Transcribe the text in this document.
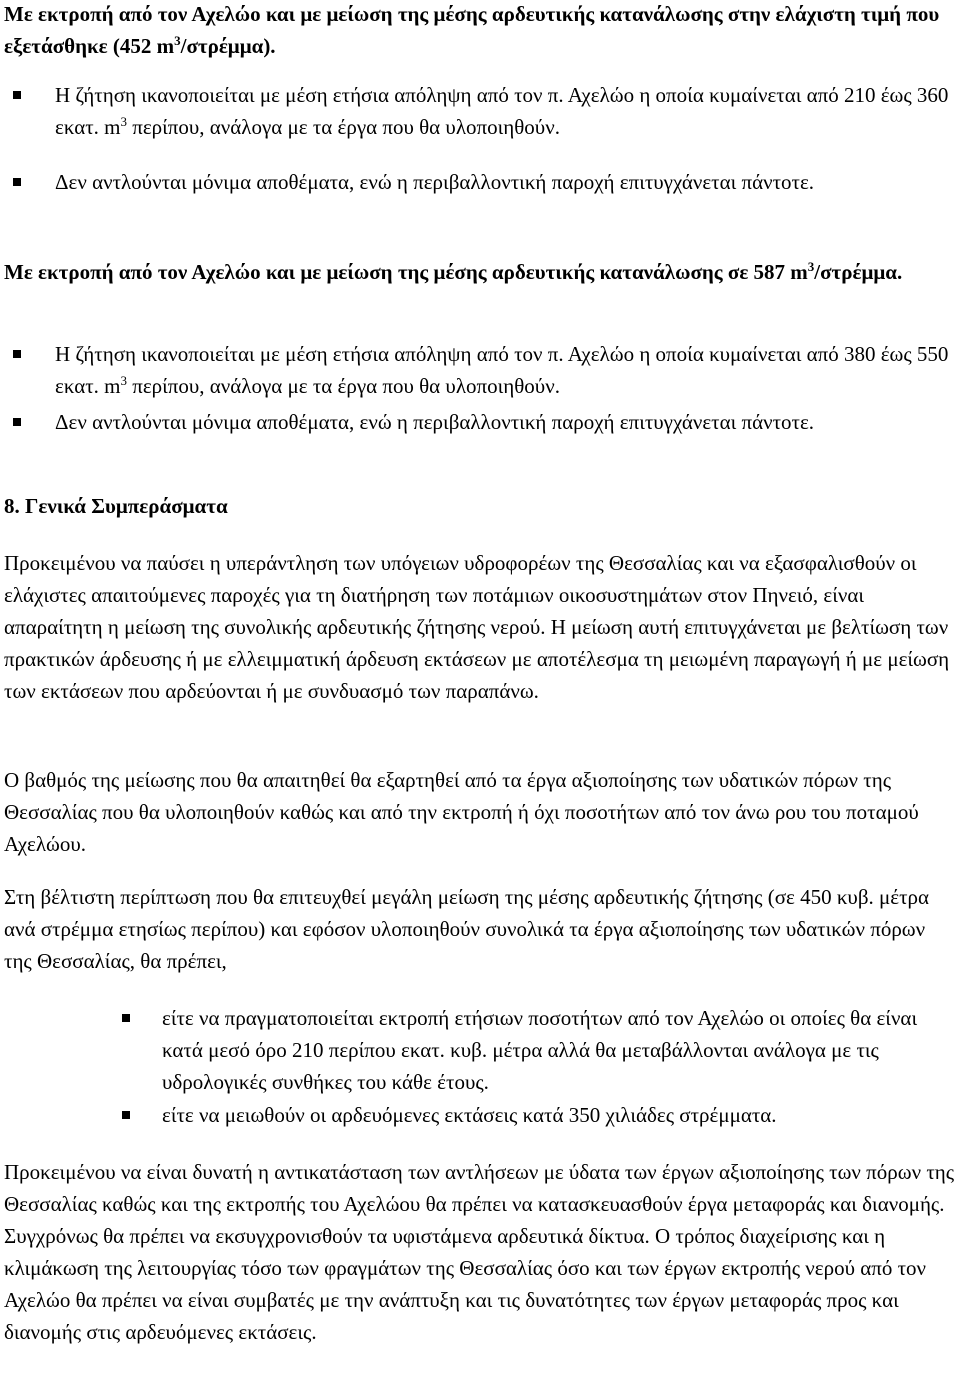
Με εκτροπή από τον Αχελώο και με μείωση της μέσης αρδευτικής κατανάλωσης στην ελάχιστη τιμή που εξετάσθηκε (452 $m^3/\sigma\tau\rho έ\mu\mu\alpha$).
Η ζήτηση ικανοποιείται με μέση ετήσια απόληψη από τον π. Αχελώο η οποία κυμαίνεται από 210 έως 360 εκατ. $m^3$ περίπου, ανάλογα με τα έργα που θα υλοποιηθούν.
Δεν αντλούνται μόνιμα αποθέματα, ενώ η περιβαλλοντική παροχή επιτυγχάνεται πάντοτε.
Με εκτροπή από τον Αχελώο και με μείωση της μέσης αρδευτικής κατανάλωσης σε 587 $m^3$/στρέμμα.
Η ζήτηση ικανοποιείται με μέση ετήσια απόληψη από τον π. Αχελώο η οποία κυμαίνεται από 380 έως 550 εκατ. $m^3$ περίπου, ανάλογα με τα έργα που θα υλοποιηθούν.
Δεν αντλούνται μόνιμα αποθέματα, ενώ η περιβαλλοντική παροχή επιτυγχάνεται πάντοτε.
8. Γενικά Συμπεράσματα

Προκειμένου να παύσει η υπεράντληση των υπόγειων υδροφορέων της Θεσσαλίας και να εξασφαλισθούν οι ελάχιστες απαιτούμενες παροχές για τη διατήρηση των ποτάμιων οικοσυστημάτων στον Πηνειό, είναι απαραίτητη η μείωση της συνολικής αρδευτικής ζήτησης νερού. Η μείωση αυτή επιτυγχάνεται με βελτίωση των πρακτικών άρδευσης ή με ελλειμματική άρδευση εκτάσεων με αποτέλεσμα τη μειωμένη παραγωγή ή με μείωση των εκτάσεων που αρδεύονται ή με συνδυασμό των παραπάνω.

Ο βαθμός της μείωσης που θα απαιτηθεί θα εξαρτηθεί από τα έργα αξιοποίησης των υδατικών πόρων της Θεσσαλίας που θα υλοποιηθούν καθώς και από την εκτροπή ή όχι ποσοτήτων από τον άνω ρου του ποταμού Αχελώου.

Στη βέλτιστη περίπτωση που θα επιτευχθεί μεγάλη μείωση της μέσης αρδευτικής ζήτησης (σε 450 κυβ. μέτρα ανά στρέμμα ετησίως περίπου) και εφόσον υλοποιηθούν συνολικά τα έργα αξιοποίησης των υδατικών πόρων της Θεσσαλίας, θα πρέπει,

είτε να πραγματοποιείται εκτροπή ετήσιων ποσοτήτων από τον Αχελώο οι οποίες θα είναι κατά μεσό όρο 210 περίπου εκατ. κυβ. μέτρα αλλά θα μεταβάλλονται ανάλογα με τις υδρολογικές συνθήκες του κάθε έτους.
είτε να μειωθούν οι αρδευόμενες εκτάσεις κατά 350 χιλιάδες στρέμματα.

Προκειμένου να είναι δυνατή η αντικατάσταση των αντλήσεων με ύδατα των έργων αξιοποίησης των πόρων της Θεσσαλίας καθώς και της εκτροπής του Αχελώου θα πρέπει να κατασκευασθούν έργα μεταφοράς και διανομής. Συγχρόνως θα πρέπει να εκσυγχρονισθούν τα υφιστάμενα αρδευτικά δίκτυα. Ο τρόπος διαχείρισης και η κλιμάκωση της λειτουργίας τόσο των φραγμάτων της Θεσσαλίας όσο και των έργων εκτροπής νερού από τον Αχελώο θα πρέπει να είναι συμβατές με την ανάπτυξη και τις δυνατότητες των έργων μεταφοράς προς και διανομής στις αρδευόμενες εκτάσεις.
